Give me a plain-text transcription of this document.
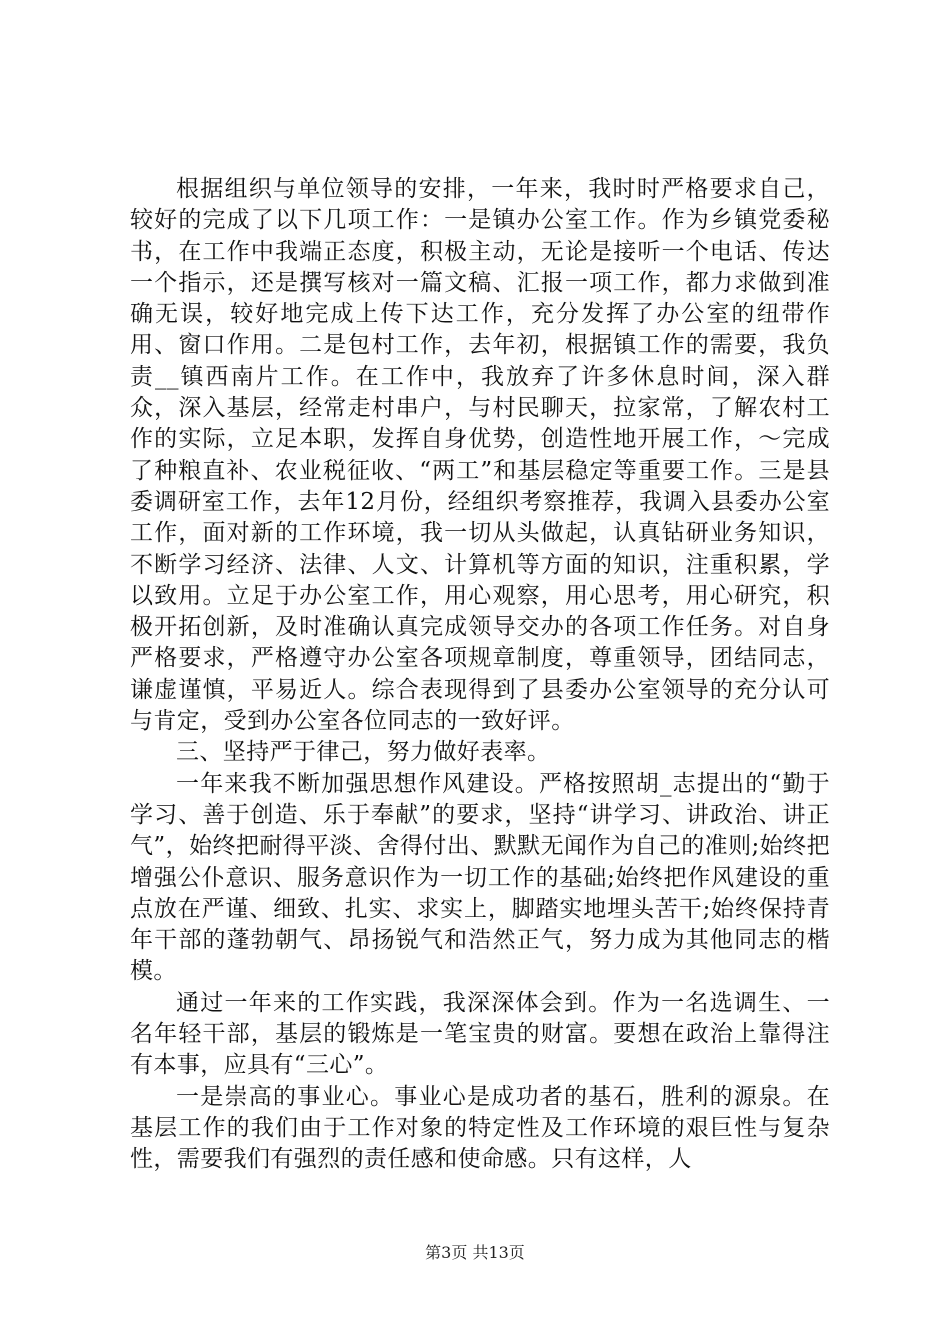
根据组织与单位领导的安排，一年来，我时时严格要求自己，较好的完成了以下几项工作：一是镇办公室工作。作为乡镇党委秘书，在工作中我端正态度，积极主动，无论是接听一个电话、传达一个指示，还是撰写核对一篇文稿、汇报一项工作，都力求做到准确无误，较好地完成上传下达工作，充分发挥了办公室的纽带作用、窗口作用。二是包村工作，去年初，根据镇工作的需要，我负责__镇西南片工作。在工作中，我放弃了许多休息时间，深入群众，深入基层，经常走村串户，与村民聊天，拉家常，了解农村工作的实际，立足本职，发挥自身优势，创造性地开展工作，～完成了种粮直补、农业税征收、“两工”和基层稳定等重要工作。三是县委调研室工作，去年12月份，经组织考察推荐，我调入县委办公室工作，面对新的工作环境，我一切从头做起，认真钻研业务知识，不断学习经济、法律、人文、计算机等方面的知识，注重积累，学以致用。立足于办公室工作，用心观察，用心思考，用心研究，积极开拓创新，及时准确认真完成领导交办的各项工作任务。对自身严格要求，严格遵守办公室各项规章制度，尊重领导，团结同志，谦虚谨慎，平易近人。综合表现得到了县委办公室领导的充分认可与肯定，受到办公室各位同志的一致好评。

三、坚持严于律己，努力做好表率。

一年来我不断加强思想作风建设。严格按照胡_志提出的“勤于学习、善于创造、乐于奉献”的要求，坚持“讲学习、讲政治、讲正气”，始终把耐得平淡、舍得付出、默默无闻作为自己的准则;始终把增强公仆意识、服务意识作为一切工作的基础;始终把作风建设的重点放在严谨、细致、扎实、求实上，脚踏实地埋头苦干;始终保持青年干部的蓬勃朝气、昂扬锐气和浩然正气，努力成为其他同志的楷模。

通过一年来的工作实践，我深深体会到。作为一名选调生、一名年轻干部，基层的锻炼是一笔宝贵的财富。要想在政治上靠得注有本事，应具有“三心”。

一是崇高的事业心。事业心是成功者的基石，胜利的源泉。在基层工作的我们由于工作对象的特定性及工作环境的艰巨性与复杂性，需要我们有强烈的责任感和使命感。只有这样，人

第3页 共13页
